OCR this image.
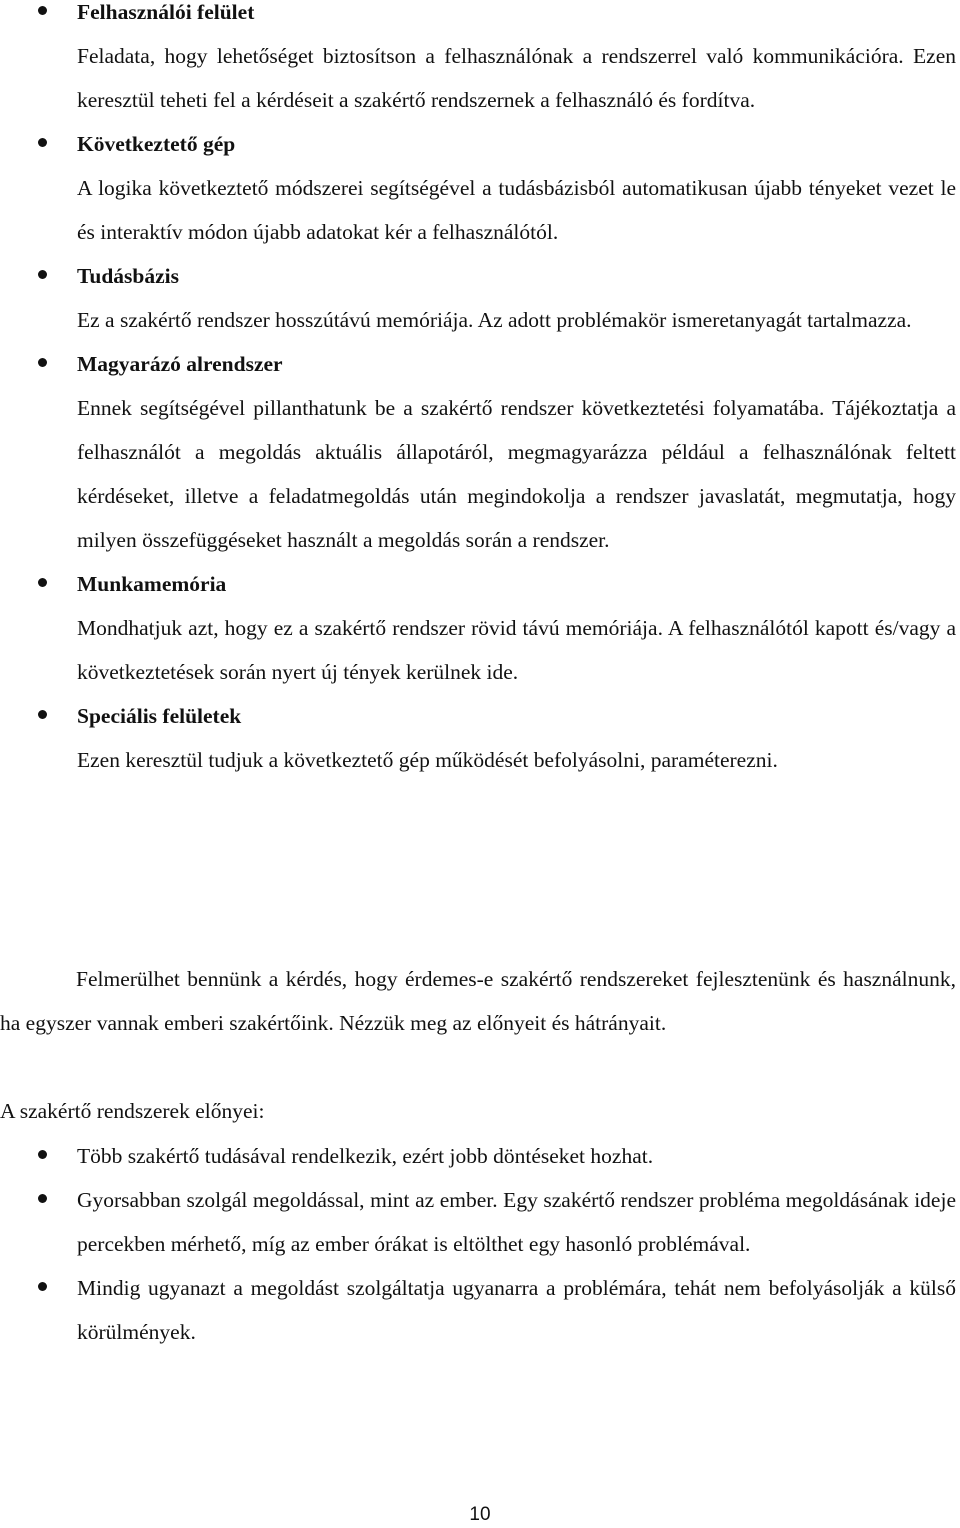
Felhasználói felület
Feladata, hogy lehetőséget biztosítson a felhasználónak a rendszerrel való kommunikációra. Ezen keresztül teheti fel a kérdéseit a szakértő rendszernek a felhasználó és fordítva.
Következtető gép
A logika következtető módszerei segítségével a tudásbázisból automatikusan újabb tényeket vezet le és interaktív módon újabb adatokat kér a felhasználótól.
Tudásbázis
Ez a szakértő rendszer hosszútávú memóriája. Az adott problémakör ismeretanyagát tartalmazza.
Magyarázó alrendszer
Ennek segítségével pillanthatunk be a szakértő rendszer következtetési folyamatába. Tájékoztatja a felhasználót a megoldás aktuális állapotáról, megmagyarázza például a felhasználónak feltett kérdéseket, illetve a feladatmegoldás után megindokolja a rendszer javaslatát, megmutatja, hogy milyen összefüggéseket használt a megoldás során a rendszer.
Munkamemória
Mondhatjuk azt, hogy ez a szakértő rendszer rövid távú memóriája. A felhasználótól kapott és/vagy a következtetések során nyert új tények kerülnek ide.
Speciális felületek
Ezen keresztül tudjuk a következtető gép működését befolyásolni, paraméterezni.

Felmerülhet bennünk a kérdés, hogy érdemes-e szakértő rendszereket fejlesztenünk és használnunk, ha egyszer vannak emberi szakértőink. Nézzük meg az előnyeit és hátrányait.

A szakértő rendszerek előnyei:

Több szakértő tudásával rendelkezik, ezért jobb döntéseket hozhat.
Gyorsabban szolgál megoldással, mint az ember. Egy szakértő rendszer probléma megoldásának ideje percekben mérhető, míg az ember órákat is eltölthet egy hasonló problémával.
Mindig ugyanazt a megoldást szolgáltatja ugyanarra a problémára, tehát nem befolyásolják a külső körülmények.
10
